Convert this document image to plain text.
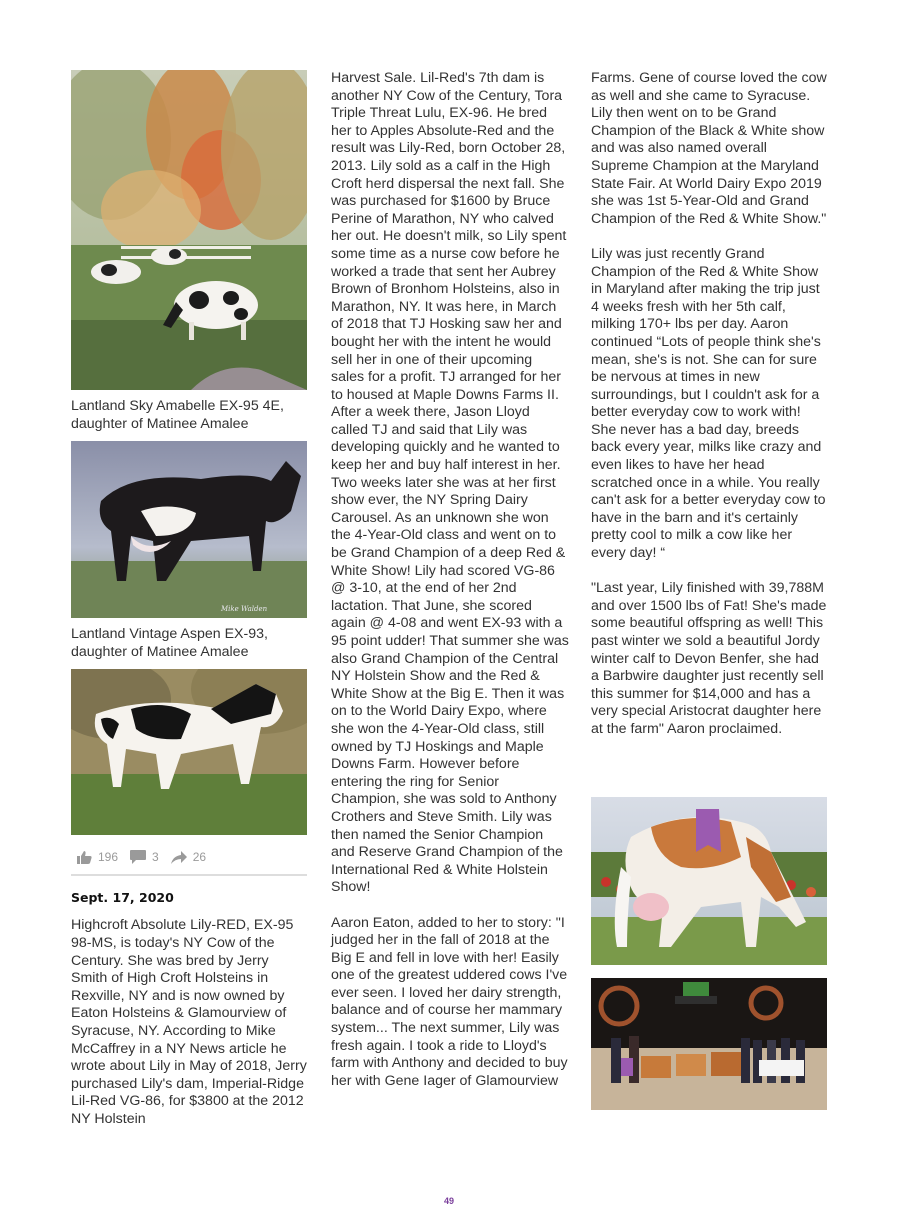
Lantland Sky Amabelle EX-95 4E, daughter of Matinee Amalee

Mike Walden

Lantland Vintage Aspen EX-93, daughter of Matinee Amalee

196	3	26

Sept. 17, 2020

Highcroft Absolute Lily-RED, EX-95 98-MS, is today's NY Cow of the Century. She was bred by Jerry Smith of High Croft Holsteins in Rexville, NY and is now owned by Eaton Holsteins & Glamourview of Syracuse, NY. According to Mike McCaffrey in a NY News article he wrote about Lily in May of 2018, Jerry purchased Lily's dam, Imperial-Ridge Lil-Red VG-86, for $3800 at the 2012 NY Holstein

Harvest Sale. Lil-Red's 7th dam is another NY Cow of the Century, Tora Triple Threat Lulu, EX-96. He bred her to Apples Absolute-Red and the result was Lily-Red, born October 28, 2013. Lily sold as a calf in the High Croft herd dispersal the next fall. She was purchased for $1600 by Bruce Perine of Marathon, NY who calved her out. He doesn't milk, so Lily spent some time as a nurse cow before he worked a trade that sent her Aubrey Brown of Bronhom Holsteins, also in Marathon, NY. It was here, in March of 2018 that TJ Hosking saw her and bought her with the intent he would sell her in one of their upcoming sales for a profit. TJ arranged for her to housed at Maple Downs Farms II. After a week there, Jason Lloyd called TJ and said that Lily was developing quickly and he wanted to keep her and buy half interest in her. Two weeks later she was at her first show ever, the NY Spring Dairy Carousel. As an unknown she won the 4-Year-Old class and went on to be Grand Champion of a deep Red & White Show! Lily had scored VG-86 @ 3-10, at the end of her 2nd lactation. That June, she scored again @ 4-08 and went EX-93 with a 95 point udder! That summer she was also Grand Champion of the Central NY Holstein Show and the Red & White Show at the Big E. Then it was on to the World Dairy Expo, where she won the 4-Year-Old class, still owned by TJ Hoskings and Maple Downs Farm. However before entering the ring for Senior Champion, she was sold to Anthony Crothers and Steve Smith. Lily was then named the Senior Champion and Reserve Grand Champion of the International Red & White Holstein Show!

Aaron Eaton, added to her to story: "I judged her in the fall of 2018 at the Big E and fell in love with her! Easily one of the greatest uddered cows I've ever seen. I loved her dairy strength, balance and of course her mammary system... The next summer, Lily was fresh again. I took a ride to Lloyd's farm with Anthony and decided to buy her with Gene Iager of Glamourview

Farms. Gene of course loved the cow as well and she came to Syracuse. Lily then went on to be Grand Champion of the Black & White show and was also named overall Supreme Champion at the Maryland State Fair. At World Dairy Expo 2019 she was 1st 5-Year-Old and Grand Champion of the Red & White Show."

Lily was just recently Grand Champion of the Red & White Show in Maryland after making the trip just 4 weeks fresh with her 5th calf, milking 170+ lbs per day. Aaron continued “Lots of people think she's mean, she's is not. She can for sure be nervous at times in new surroundings, but I couldn't ask for a better everyday cow to work with! She never has a bad day, breeds back every year, milks like crazy and even likes to have her head scratched once in a while. You really can't ask for a better everyday cow to have in the barn and it's certainly pretty cool to milk a cow like her every day! “

"Last year, Lily finished with 39,788M and over 1500 lbs of Fat! She's made some beautiful offspring as well! This past winter we sold a beautiful Jordy winter calf to Devon Benfer, she had a Barbwire daughter just recently sell this summer for $14,000 and has a very special Aristocrat daughter here at the farm" Aaron proclaimed.

49
